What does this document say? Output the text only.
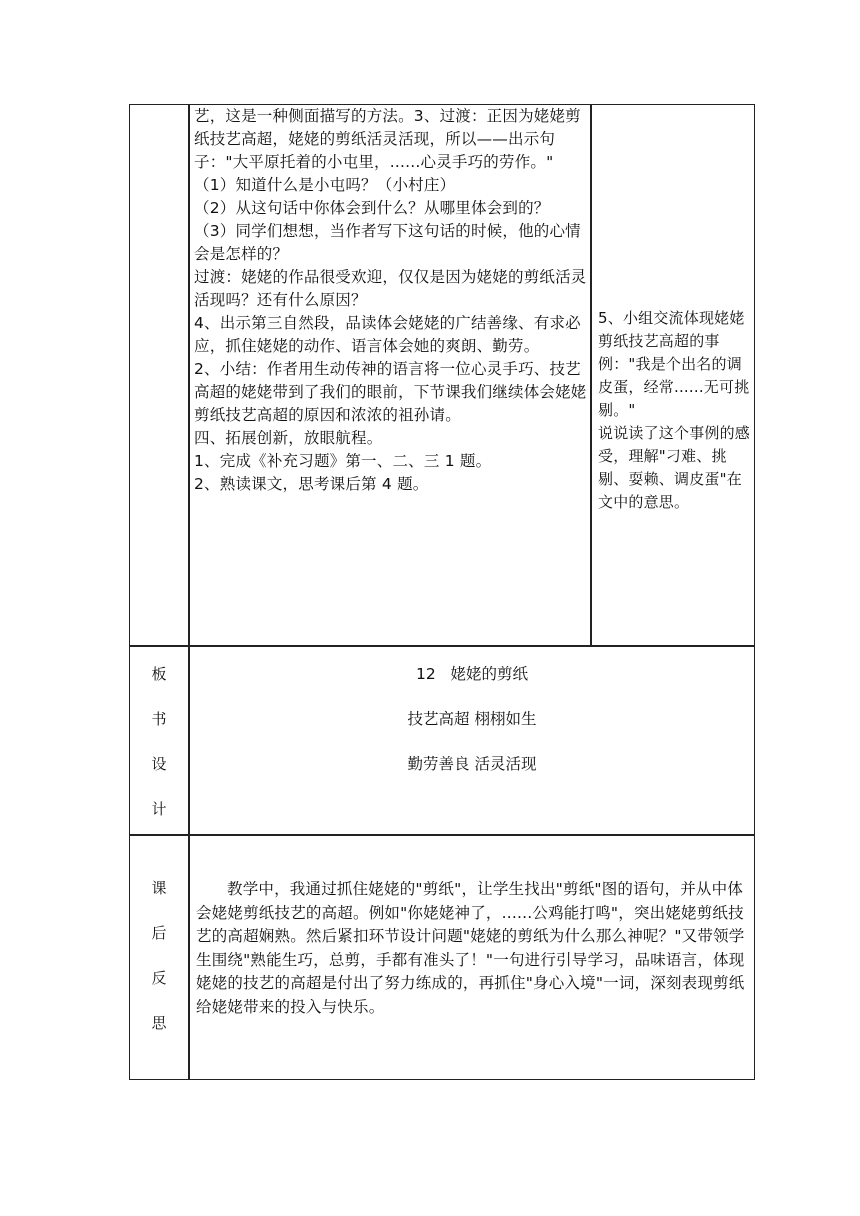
艺，这是一种侧面描写的方法。3、过渡：正因为姥姥剪纸技艺高超，姥姥的剪纸活灵活现，所以——出示句子："大平原托着的小屯里，......心灵手巧的劳作。"

（1）知道什么是小屯吗？（小村庄）

（2）从这句话中你体会到什么？从哪里体会到的？

（3）同学们想想，当作者写下这句话的时候，他的心情会是怎样的？

过渡：姥姥的作品很受欢迎，仅仅是因为姥姥的剪纸活灵活现吗？还有什么原因？

4、出示第三自然段，品读体会姥姥的广结善缘、有求必应，抓住姥姥的动作、语言体会她的爽朗、勤劳。

2、小结：作者用生动传神的语言将一位心灵手巧、技艺高超的姥姥带到了我们的眼前，下节课我们继续体会姥姥剪纸技艺高超的原因和浓浓的祖孙请。

四、拓展创新，放眼航程。

1、完成《补充习题》第一、二、三 1 题。

2、熟读课文，思考课后第 4 题。

5、小组交流体现姥姥剪纸技艺高超的事例："我是个出名的调皮蛋，经常......无可挑剔。"

说说读了这个事例的感受，理解"刁难、挑剔、耍赖、调皮蛋"在文中的意思。

板
书
设
计
12   姥姥的剪纸
技艺高超 栩栩如生
勤劳善良 活灵活现
课
后
反
思

教学中，我通过抓住姥姥的"剪纸"，让学生找出"剪纸"图的语句，并从中体会姥姥剪纸技艺的高超。例如"你姥姥神了，......公鸡能打鸣"，突出姥姥剪纸技艺的高超娴熟。然后紧扣环节设计问题"姥姥的剪纸为什么那么神呢？"又带领学生围绕"熟能生巧，总剪，手都有准头了！"一句进行引导学习，品味语言，体现姥姥的技艺的高超是付出了努力练成的，再抓住"身心入境"一词，深刻表现剪纸给姥姥带来的投入与快乐。
